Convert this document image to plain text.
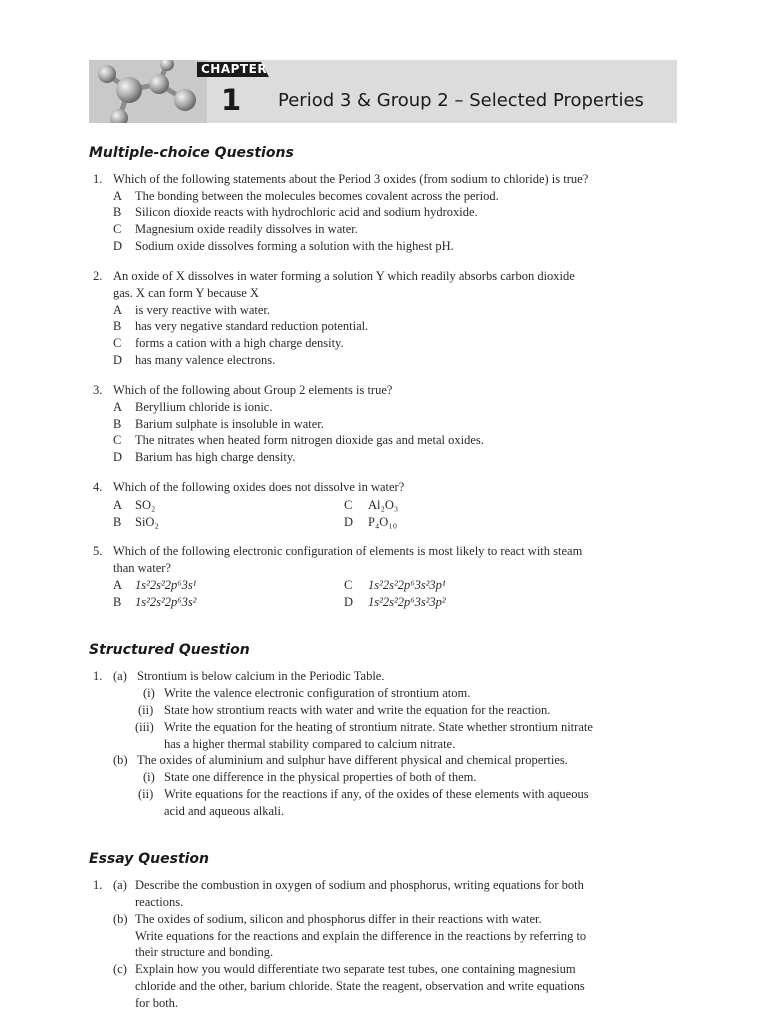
CHAPTER
1 Period 3 & Group 2 – Selected Properties
Multiple-choice Questions
1. Which of the following statements about the Period 3 oxides (from sodium to chloride) is true?
A The bonding between the molecules becomes covalent across the period.
B Silicon dioxide reacts with hydrochloric acid and sodium hydroxide.
C Magnesium oxide readily dissolves in water.
D Sodium oxide dissolves forming a solution with the highest pH.
2. An oxide of X dissolves in water forming a solution Y which readily absorbs carbon dioxide
gas. X can form Y because X
A is very reactive with water.
B has very negative standard reduction potential.
C forms a cation with a high charge density.
D has many valence electrons.
3. Which of the following about Group 2 elements is true?
A Beryllium chloride is ionic.
B Barium sulphate is insoluble in water.
C The nitrates when heated form nitrogen dioxide gas and metal oxides.
D Barium has high charge density.
4. Which of the following oxides does not dissolve in water?
A SO₂	C Al₂O₃
B SiO₂	D P₄O₁₀
5. Which of the following electronic configuration of elements is most likely to react with steam
than water?
A 1s²2s²2p⁶3s¹	C 1s²2s²2p⁶3s²3p¹
B 1s²2s²2p⁶3s²	D 1s²2s²2p⁶3s²3p²
Structured Question
1. (a) Strontium is below calcium in the Periodic Table.
(i) Write the valence electronic configuration of strontium atom.
(ii) State how strontium reacts with water and write the equation for the reaction.
(iii) Write the equation for the heating of strontium nitrate. State whether strontium nitrate
has a higher thermal stability compared to calcium nitrate.
(b) The oxides of aluminium and sulphur have different physical and chemical properties.
(i) State one difference in the physical properties of both of them.
(ii) Write equations for the reactions if any, of the oxides of these elements with aqueous
acid and aqueous alkali.
Essay Question
1. (a) Describe the combustion in oxygen of sodium and phosphorus, writing equations for both
reactions.
(b) The oxides of sodium, silicon and phosphorus differ in their reactions with water.
Write equations for the reactions and explain the difference in the reactions by referring to
their structure and bonding.
(c) Explain how you would differentiate two separate test tubes, one containing magnesium
chloride and the other, barium chloride. State the reagent, observation and write equations
for both.
